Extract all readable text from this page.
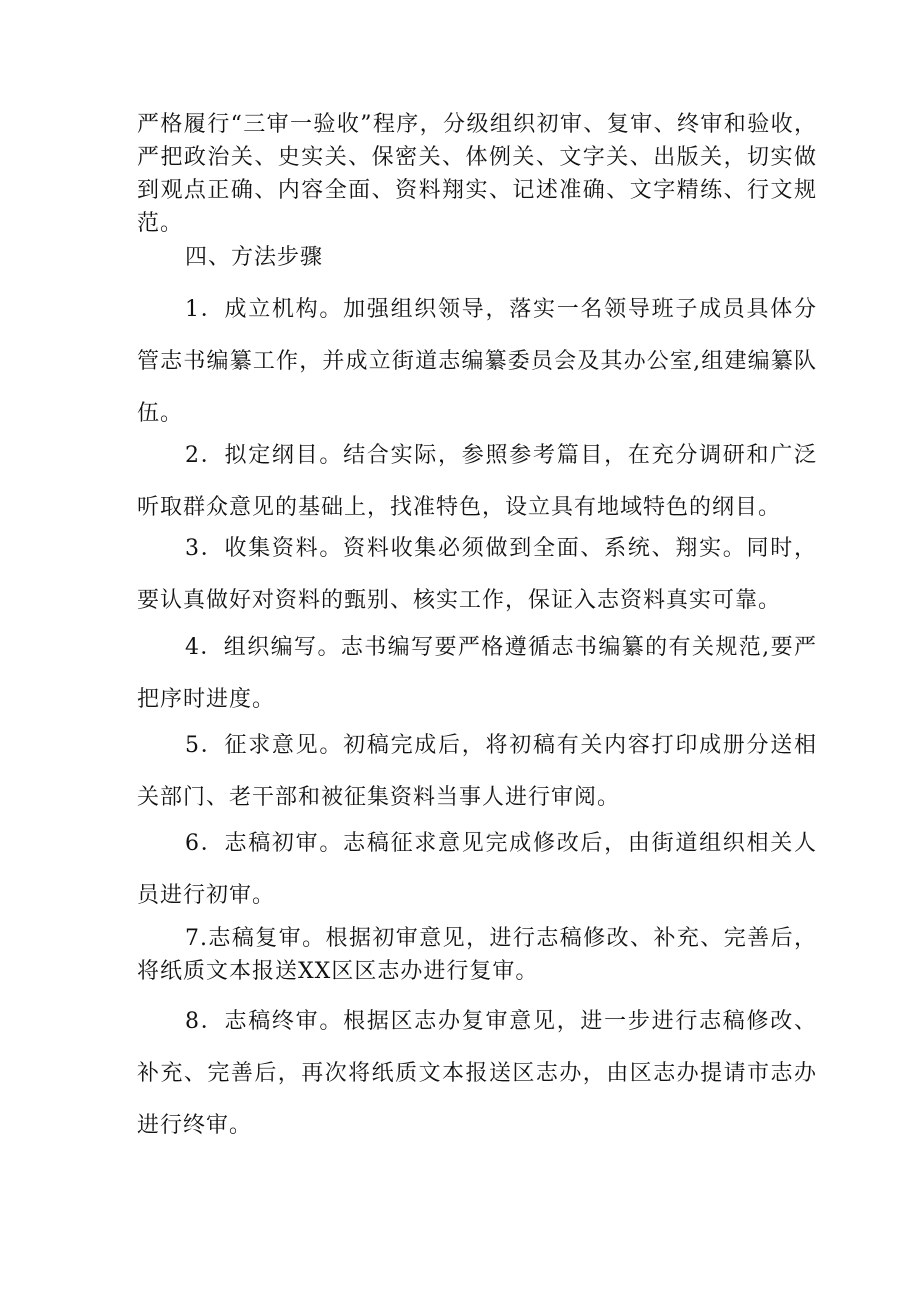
严格履行“三审一验收”程序，分级组织初审、复审、终审和验收，严把政治关、史实关、保密关、体例关、文字关、出版关，切实做到观点正确、内容全面、资料翔实、记述准确、文字精练、行文规范。

四、方法步骤

1．成立机构。加强组织领导，落实一名领导班子成员具体分管志书编纂工作，并成立街道志编纂委员会及其办公室,组建编纂队伍。

2．拟定纲目。结合实际，参照参考篇目，在充分调研和广泛听取群众意见的基础上，找准特色，设立具有地域特色的纲目。

3．收集资料。资料收集必须做到全面、系统、翔实。同时，要认真做好对资料的甄别、核实工作，保证入志资料真实可靠。

4．组织编写。志书编写要严格遵循志书编纂的有关规范,要严把序时进度。

5．征求意见。初稿完成后，将初稿有关内容打印成册分送相关部门、老干部和被征集资料当事人进行审阅。

6．志稿初审。志稿征求意见完成修改后，由街道组织相关人员进行初审。

7.志稿复审。根据初审意见，进行志稿修改、补充、完善后，将纸质文本报送XX区区志办进行复审。

8．志稿终审。根据区志办复审意见，进一步进行志稿修改、补充、完善后，再次将纸质文本报送区志办，由区志办提请市志办进行终审。
